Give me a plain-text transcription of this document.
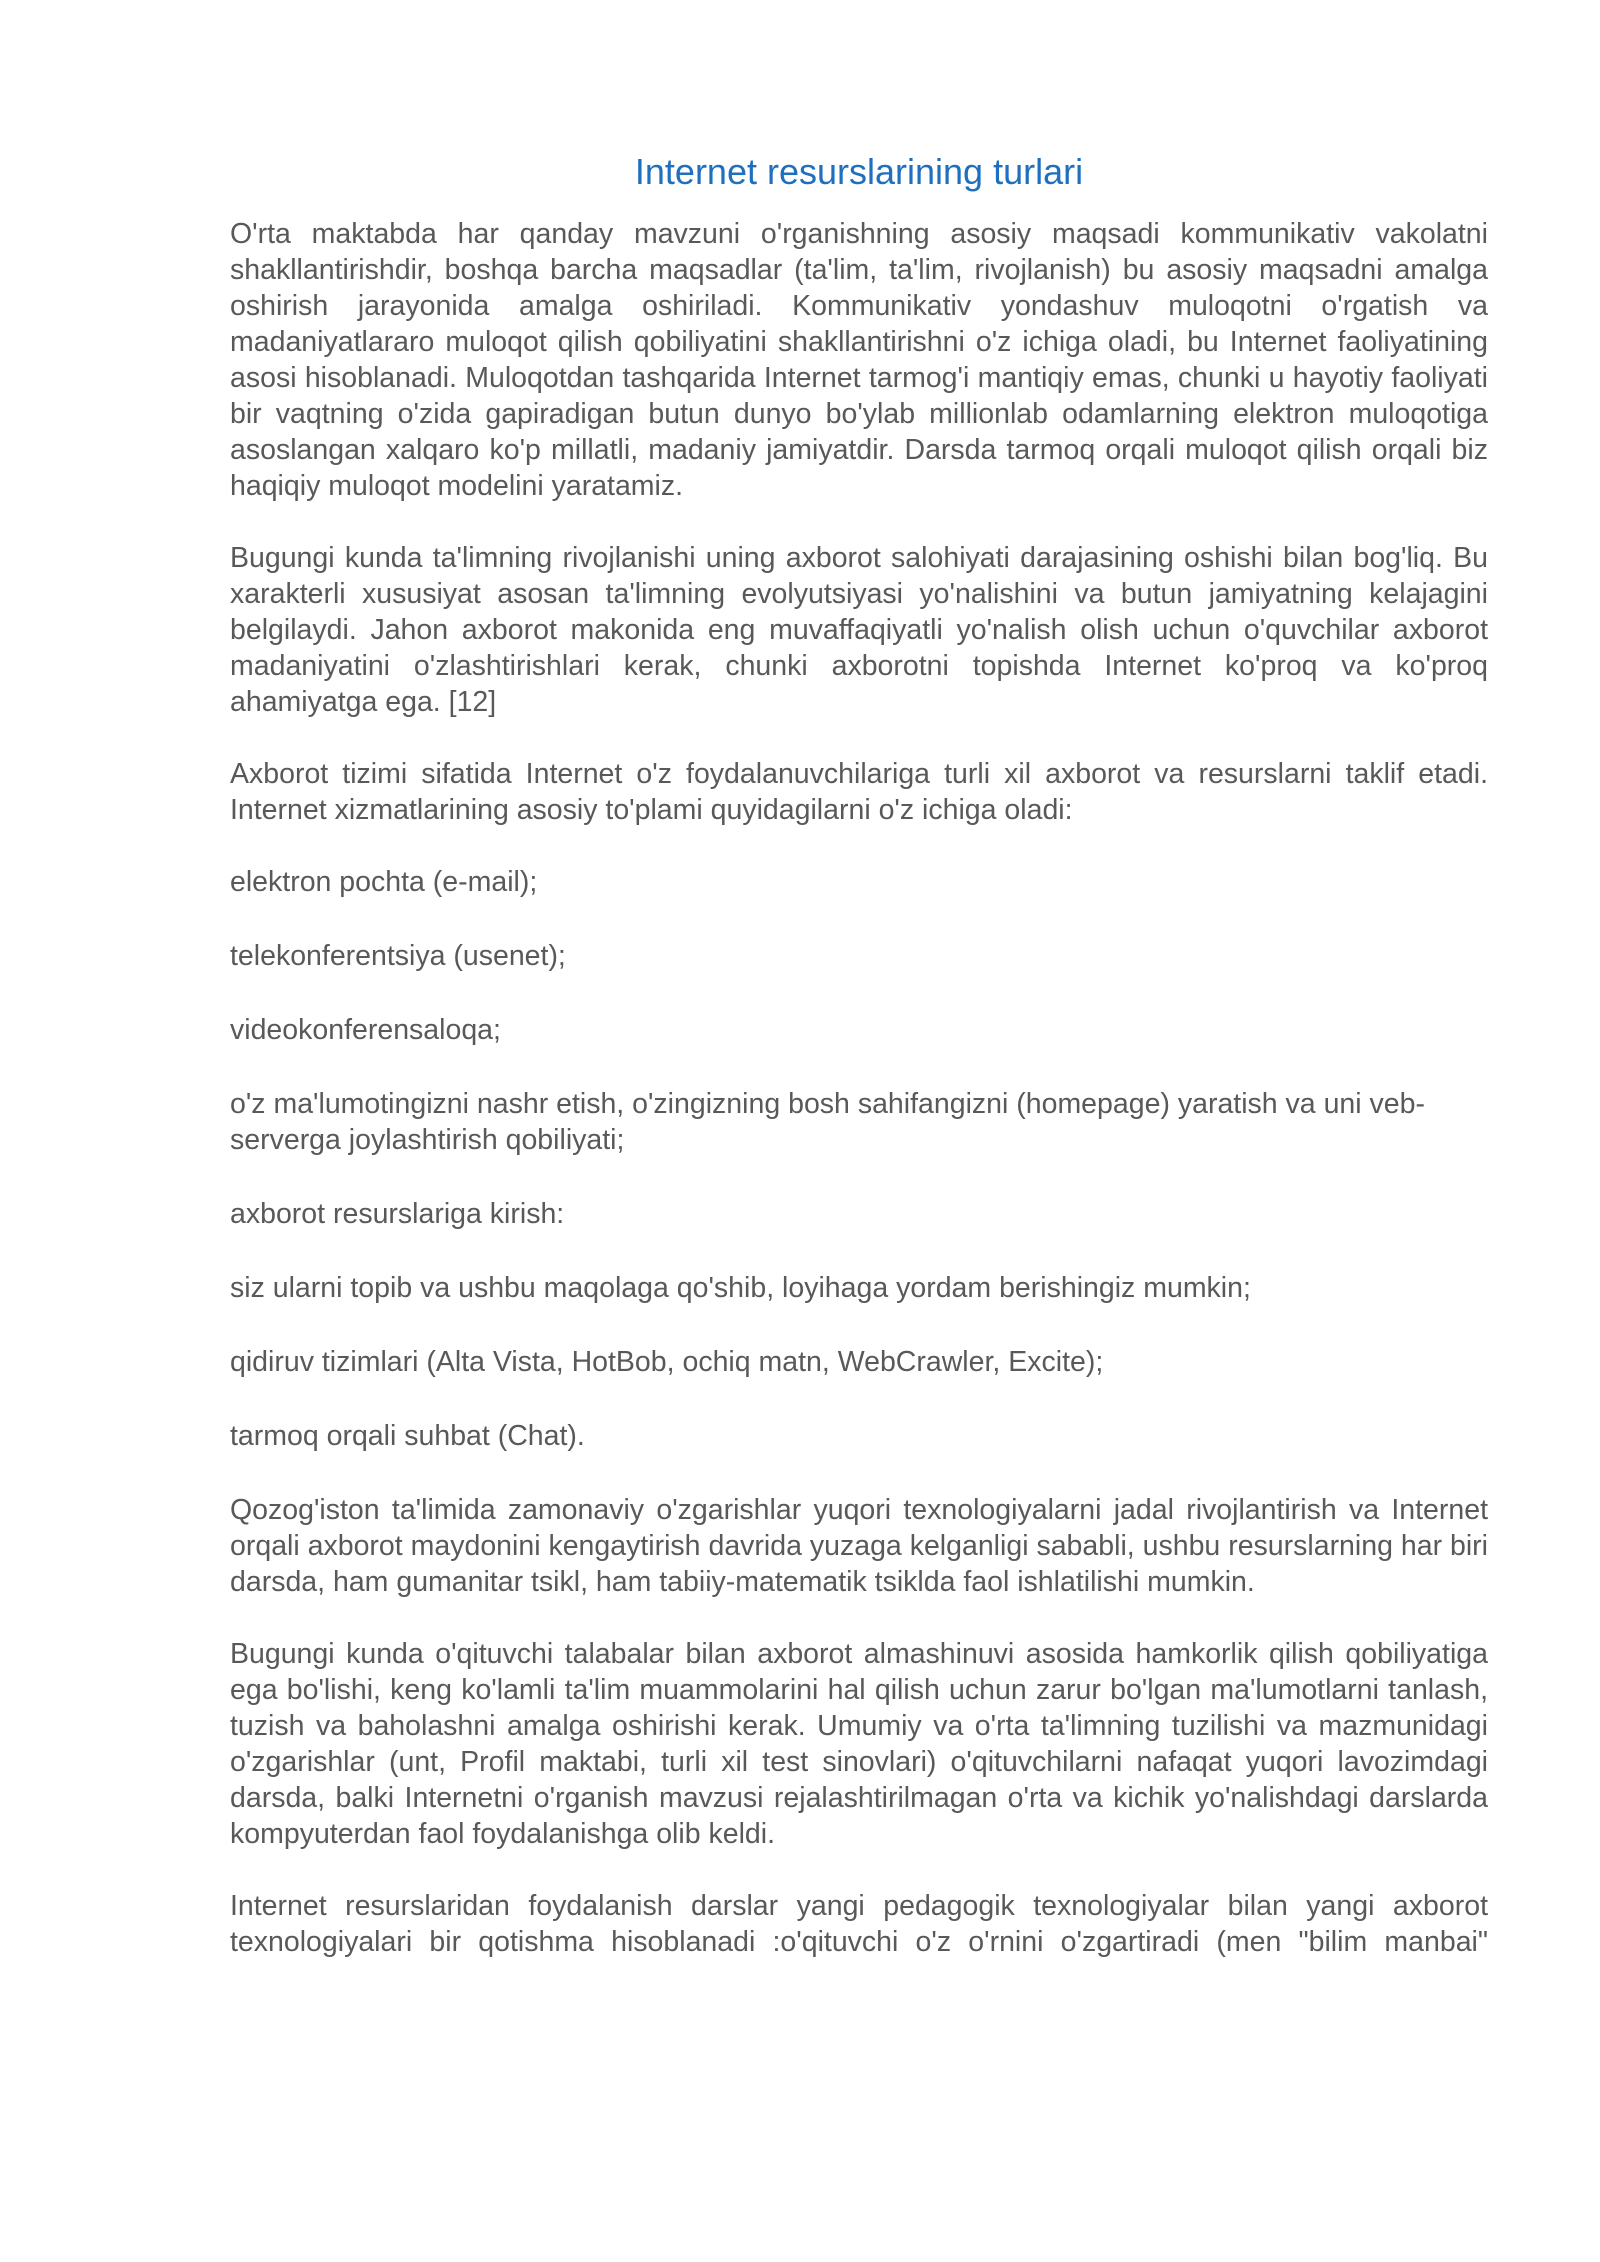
Internet resurslarining turlari

O'rta maktabda har qanday mavzuni o'rganishning asosiy maqsadi kommunikativ vakolatni shakllantirishdir, boshqa barcha maqsadlar (ta'lim, ta'lim, rivojlanish) bu asosiy maqsadni amalga oshirish jarayonida amalga oshiriladi. Kommunikativ yondashuv muloqotni o'rgatish va madaniyatlararo muloqot qilish qobiliyatini shakllantirishni o'z ichiga oladi, bu Internet faoliyatining asosi hisoblanadi. Muloqotdan tashqarida Internet tarmog'i mantiqiy emas, chunki u hayotiy faoliyati bir vaqtning o'zida gapiradigan butun dunyo bo'ylab millionlab odamlarning elektron muloqotiga asoslangan xalqaro ko'p millatli, madaniy jamiyatdir. Darsda tarmoq orqali muloqot qilish orqali biz haqiqiy muloqot modelini yaratamiz.

Bugungi kunda ta'limning rivojlanishi uning axborot salohiyati darajasining oshishi bilan bog'liq. Bu xarakterli xususiyat asosan ta'limning evolyutsiyasi yo'nalishini va butun jamiyatning kelajagini belgilaydi. Jahon axborot makonida eng muvaffaqiyatli yo'nalish olish uchun o'quvchilar axborot madaniyatini o'zlashtirishlari kerak, chunki axborotni topishda Internet ko'proq va ko'proq ahamiyatga ega. [12]

Axborot tizimi sifatida Internet o'z foydalanuvchilariga turli xil axborot va resurslarni taklif etadi. Internet xizmatlarining asosiy to'plami quyidagilarni o'z ichiga oladi:

elektron pochta (e-mail);

telekonferentsiya (usenet);

videokonferensaloqa;

o'z ma'lumotingizni nashr etish, o'zingizning bosh sahifangizni (homepage) yaratish va uni veb-serverga joylashtirish qobiliyati;

axborot resurslariga kirish:

siz ularni topib va ushbu maqolaga qo'shib, loyihaga yordam berishingiz mumkin;

qidiruv tizimlari (Alta Vista, HotBob, ochiq matn, WebCrawler, Excite);

tarmoq orqali suhbat (Chat).

Qozog'iston ta'limida zamonaviy o'zgarishlar yuqori texnologiyalarni jadal rivojlantirish va Internet orqali axborot maydonini kengaytirish davrida yuzaga kelganligi sababli, ushbu resurslarning har biri darsda, ham gumanitar tsikl, ham tabiiy-matematik tsiklda faol ishlatilishi mumkin.

Bugungi kunda o'qituvchi talabalar bilan axborot almashinuvi asosida hamkorlik qilish qobiliyatiga ega bo'lishi, keng ko'lamli ta'lim muammolarini hal qilish uchun zarur bo'lgan ma'lumotlarni tanlash, tuzish va baholashni amalga oshirishi kerak. Umumiy va o'rta ta'limning tuzilishi va mazmunidagi o'zgarishlar (unt, Profil maktabi, turli xil test sinovlari) o'qituvchilarni nafaqat yuqori lavozimdagi darsda, balki Internetni o'rganish mavzusi rejalashtirilmagan o'rta va kichik yo'nalishdagi darslarda kompyuterdan faol foydalanishga olib keldi.

Internet resurslaridan foydalanish darslar yangi pedagogik texnologiyalar bilan yangi axborot texnologiyalari bir qotishma hisoblanadi :o'qituvchi o'z o'rnini o'zgartiradi (men "bilim manbai"
